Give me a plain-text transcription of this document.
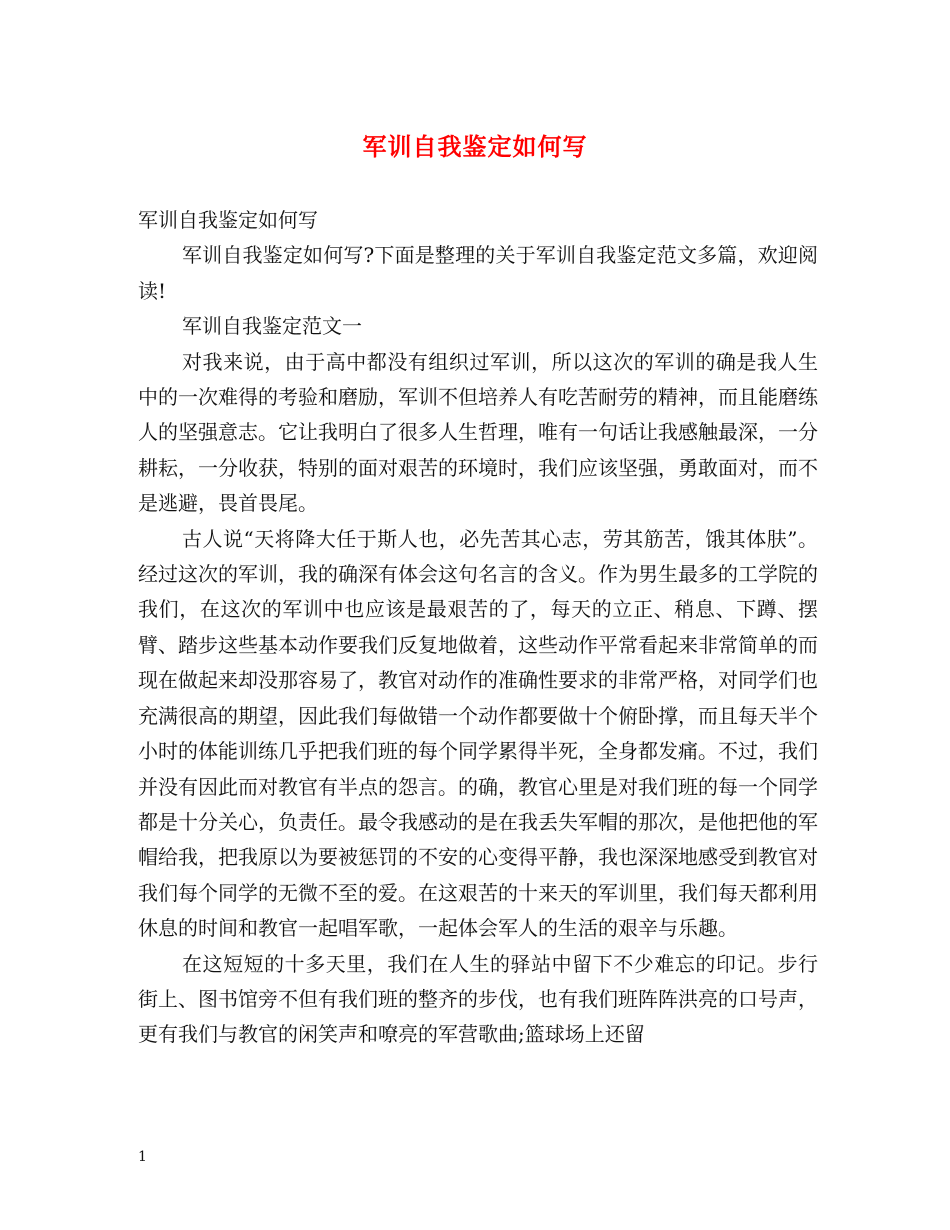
军训自我鉴定如何写

军训自我鉴定如何写

军训自我鉴定如何写?下面是整理的关于军训自我鉴定范文多篇，欢迎阅读!

军训自我鉴定范文一

对我来说，由于高中都没有组织过军训，所以这次的军训的确是我人生中的一次难得的考验和磨励，军训不但培养人有吃苦耐劳的精神，而且能磨练人的坚强意志。它让我明白了很多人生哲理，唯有一句话让我感触最深，一分耕耘，一分收获，特别的面对艰苦的环境时，我们应该坚强，勇敢面对，而不是逃避，畏首畏尾。

古人说“天将降大任于斯人也，必先苦其心志，劳其筋苦，饿其体肤”。经过这次的军训，我的确深有体会这句名言的含义。作为男生最多的工学院的我们，在这次的军训中也应该是最艰苦的了，每天的立正、稍息、下蹲、摆臂、踏步这些基本动作要我们反复地做着，这些动作平常看起来非常简单的而现在做起来却没那容易了，教官对动作的准确性要求的非常严格，对同学们也充满很高的期望，因此我们每做错一个动作都要做十个俯卧撑，而且每天半个小时的体能训练几乎把我们班的每个同学累得半死，全身都发痛。不过，我们并没有因此而对教官有半点的怨言。的确，教官心里是对我们班的每一个同学都是十分关心，负责任。最令我感动的是在我丢失军帽的那次，是他把他的军帽给我，把我原以为要被惩罚的不安的心变得平静，我也深深地感受到教官对我们每个同学的无微不至的爱。在这艰苦的十来天的军训里，我们每天都利用休息的时间和教官一起唱军歌，一起体会军人的生活的艰辛与乐趣。

在这短短的十多天里，我们在人生的驿站中留下不少难忘的印记。步行街上、图书馆旁不但有我们班的整齐的步伐，也有我们班阵阵洪亮的口号声，更有我们与教官的闲笑声和嘹亮的军营歌曲;篮球场上还留

1
